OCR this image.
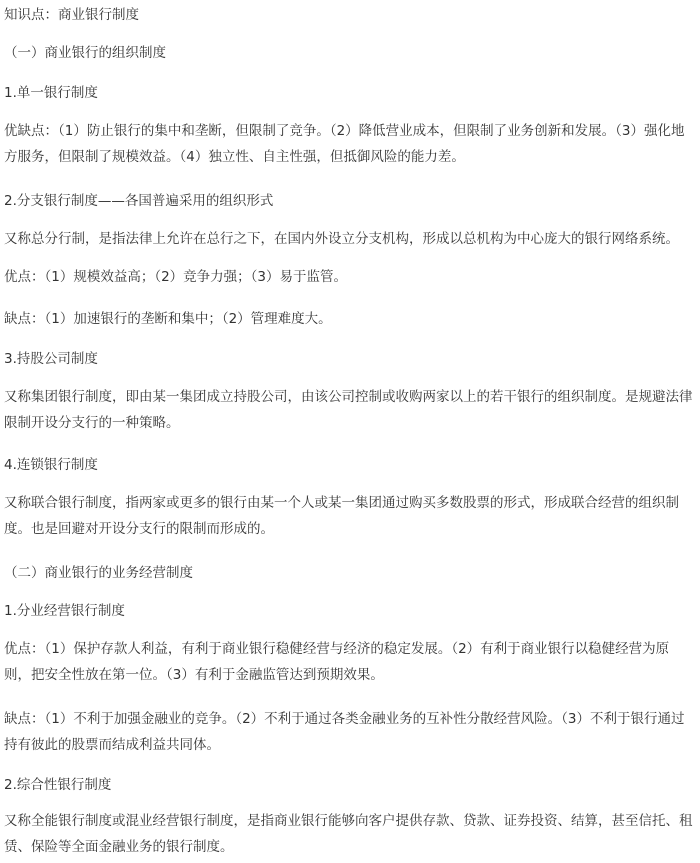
知识点：商业银行制度

（一）商业银行的组织制度

1.单一银行制度

优缺点：（1）防止银行的集中和垄断，但限制了竞争。（2）降低营业成本，但限制了业务创新和发展。（3）强化地方服务，但限制了规模效益。（4）独立性、自主性强，但抵御风险的能力差。

2.分支银行制度——各国普遍采用的组织形式

又称总分行制，是指法律上允许在总行之下，在国内外设立分支机构，形成以总机构为中心庞大的银行网络系统。

优点：（1）规模效益高；（2）竞争力强；（3）易于监管。

缺点：（1）加速银行的垄断和集中；（2）管理难度大。

3.持股公司制度

又称集团银行制度，即由某一集团成立持股公司，由该公司控制或收购两家以上的若干银行的组织制度。是规避法律限制开设分支行的一种策略。

4.连锁银行制度

又称联合银行制度，指两家或更多的银行由某一个人或某一集团通过购买多数股票的形式，形成联合经营的组织制度。也是回避对开设分支行的限制而形成的。

（二）商业银行的业务经营制度

1.分业经营银行制度

优点：（1）保护存款人利益，有利于商业银行稳健经营与经济的稳定发展。（2）有利于商业银行以稳健经营为原则，把安全性放在第一位。（3）有利于金融监管达到预期效果。

缺点：（1）不利于加强金融业的竞争。（2）不利于通过各类金融业务的互补性分散经营风险。（3）不利于银行通过持有彼此的股票而结成利益共同体。

2.综合性银行制度

又称全能银行制度或混业经营银行制度，是指商业银行能够向客户提供存款、贷款、证券投资、结算，甚至信托、租赁、保险等全面金融业务的银行制度。
